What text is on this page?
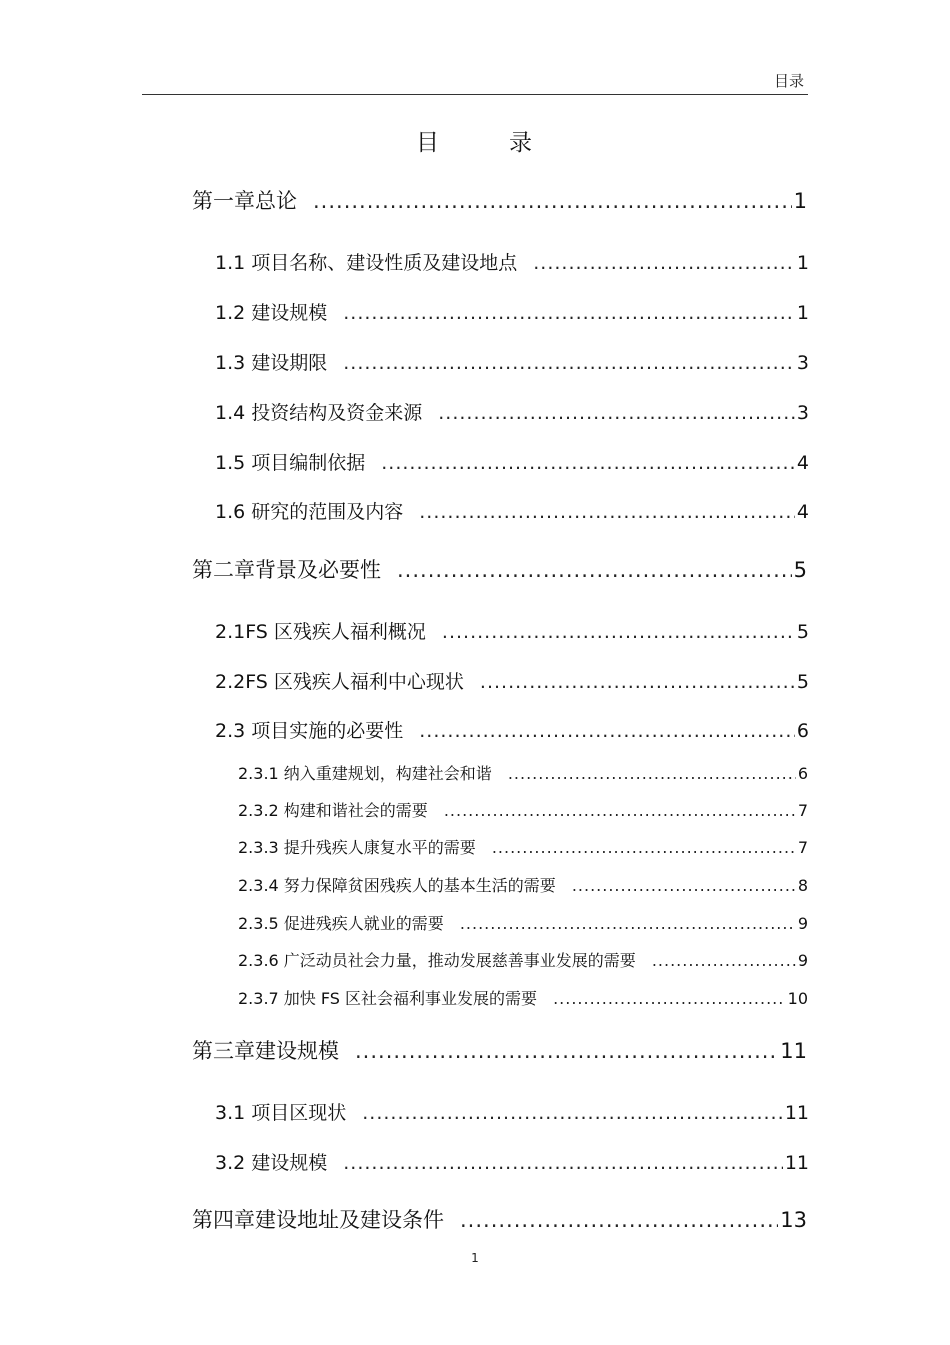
目录
目	录
第一章 总论 .....	1
1.1 项目名称、建设性质及建设地点 .....	1
1.2 建设规模 .....	1
1.3 建设期限 .....	3
1.4 投资结构及资金来源 .....	3
1.5 项目编制依据 .....	4
1.6 研究的范围及内容 .....	4
第二章 背景及必要性 .....	5
2.1FS 区残疾人福利概况 .....	5
2.2FS 区残疾人福利中心现状 .....	5
2.3 项目实施的必要性 .....	6
2.3.1 纳入重建规划，构建社会和谐 .....	6
2.3.2 构建和谐社会的需要 .....	7
2.3.3 提升残疾人康复水平的需要 .....	7
2.3.4 努力保障贫困残疾人的基本生活的需要 .....	8
2.3.5 促进残疾人就业的需要 .....	9
2.3.6 广泛动员社会力量，推动发展慈善事业发展的需要 .....	9
2.3.7 加快 FS 区社会福利事业发展的需要 .....	10
第三章 建设规模 .....	11
3.1 项目区现状 .....	11
3.2 建设规模 .....	11
第四章 建设地址及建设条件 .....	13
1
